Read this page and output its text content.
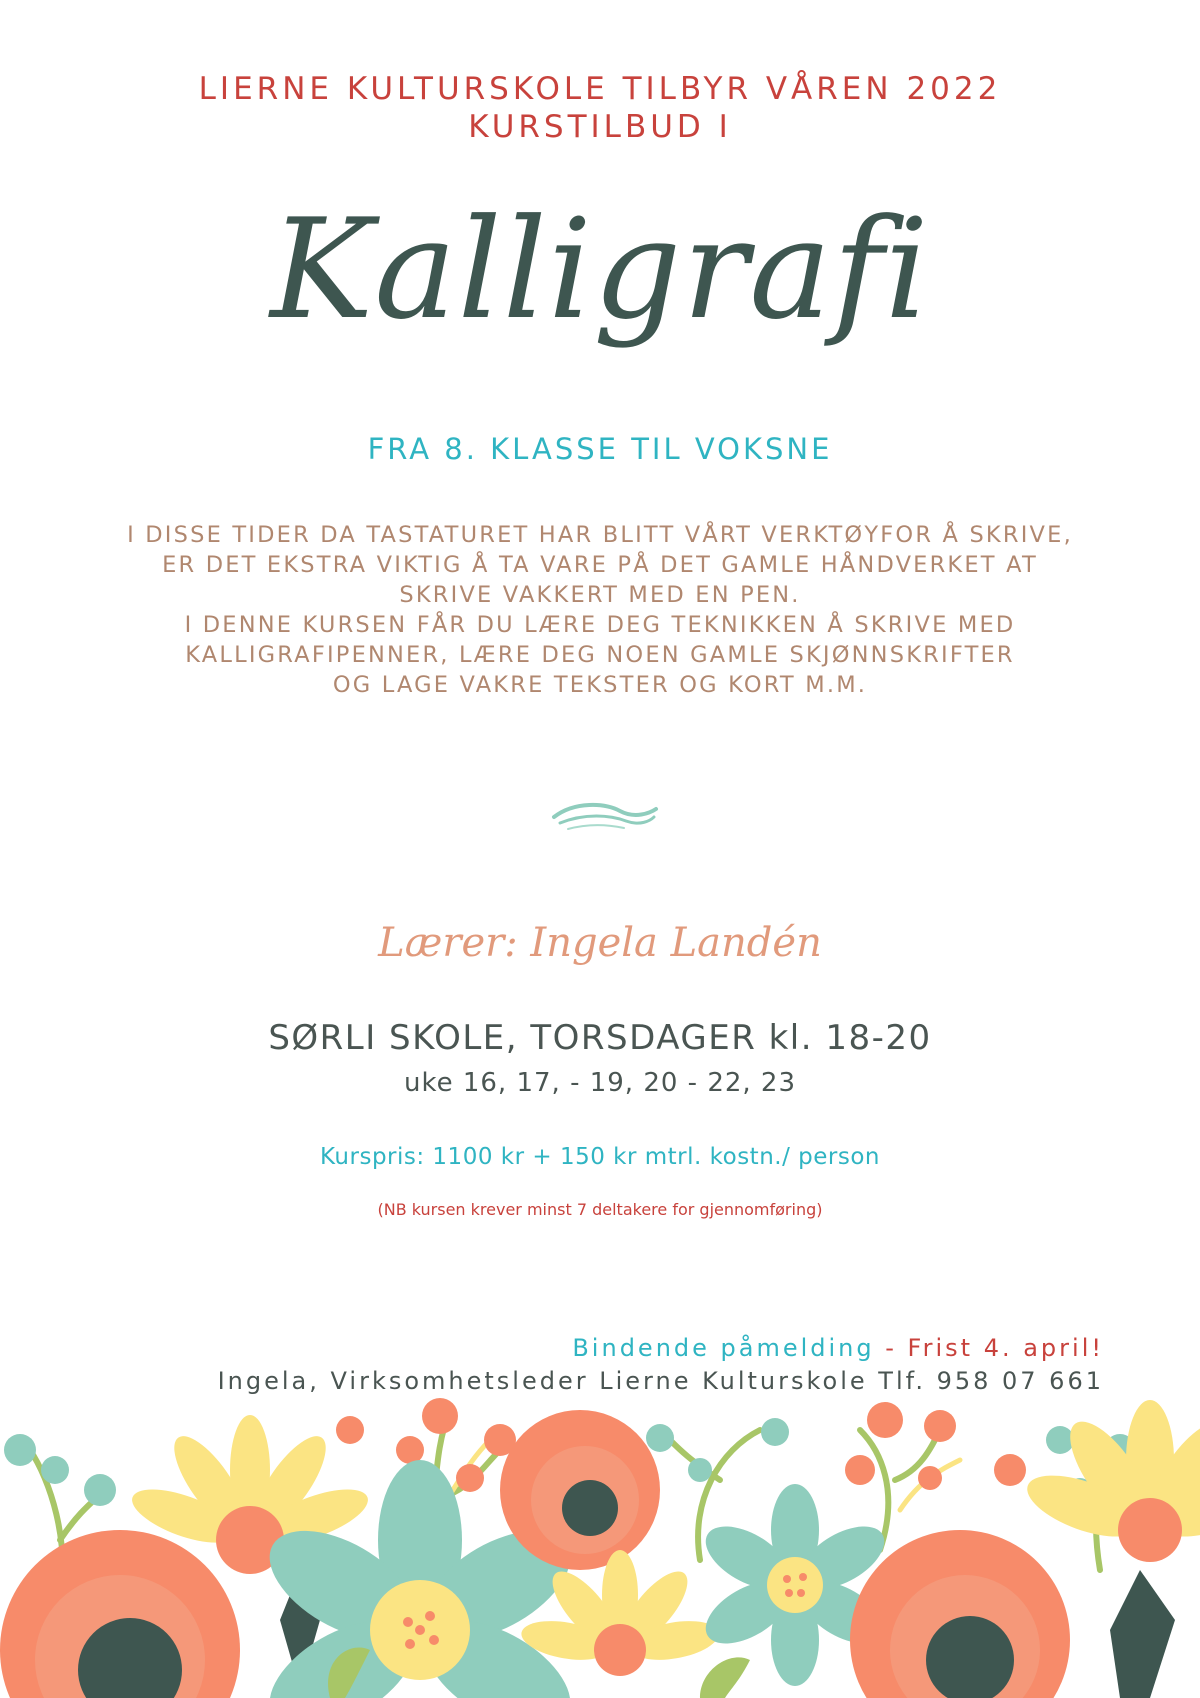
LIERNE KULTURSKOLE TILBYR VÅREN 2022
KURSTILBUD I
Kalligrafi
FRA 8. KLASSE TIL VOKSNE
I DISSE TIDER DA TASTATURET HAR BLITT VÅRT VERKTØYFOR Å SKRIVE,
ER DET EKSTRA VIKTIG Å TA VARE PÅ DET GAMLE HÅNDVERKET AT
SKRIVE VAKKERT MED EN PEN.
I DENNE KURSEN FÅR DU LÆRE DEG TEKNIKKEN Å SKRIVE MED
KALLIGRAFIPENNER, LÆRE DEG NOEN GAMLE SKJØNNSKRIFTER
OG LAGE VAKRE TEKSTER OG KORT M.M.
Lærer: Ingela Landén
SØRLI SKOLE, TORSDAGER kl. 18-20
uke 16, 17, - 19, 20 - 22, 23
Kurspris: 1100 kr + 150 kr mtrl. kostn./ person
(NB kursen krever minst 7 deltakere for gjennomføring)
Bindende påmelding - Frist 4. april!
Ingela, Virksomhetsleder Lierne Kulturskole Tlf. 958 07 661
